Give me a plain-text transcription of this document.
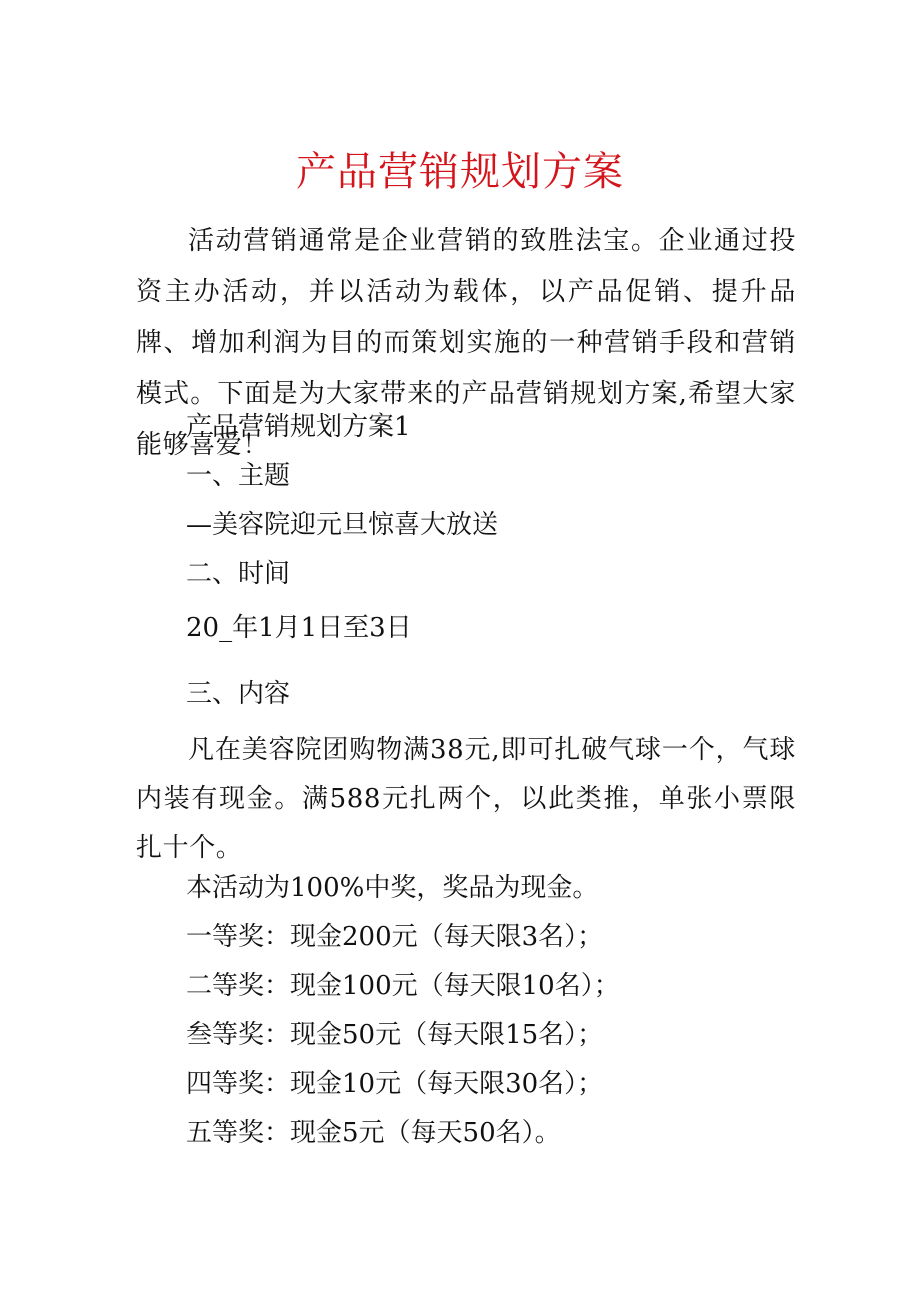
产品营销规划方案
活动营销通常是企业营销的致胜法宝。企业通过投资主办活动，并以活动为载体，以产品促销、提升品牌、增加利润为目的而策划实施的一种营销手段和营销模式。下面是为大家带来的产品营销规划方案,希望大家能够喜爱！
产品营销规划方案1
一、主题
—美容院迎元旦惊喜大放送
二、时间
20_年1月1日至3日
三、内容
凡在美容院团购物满38元,即可扎破气球一个，气球内装有现金。满588元扎两个，以此类推，单张小票限扎十个。
本活动为100%中奖，奖品为现金。
一等奖：现金200元（每天限3名）；
二等奖：现金100元（每天限10名）；
叁等奖：现金50元（每天限15名）；
四等奖：现金10元（每天限30名）；
五等奖：现金5元（每天50名）。
